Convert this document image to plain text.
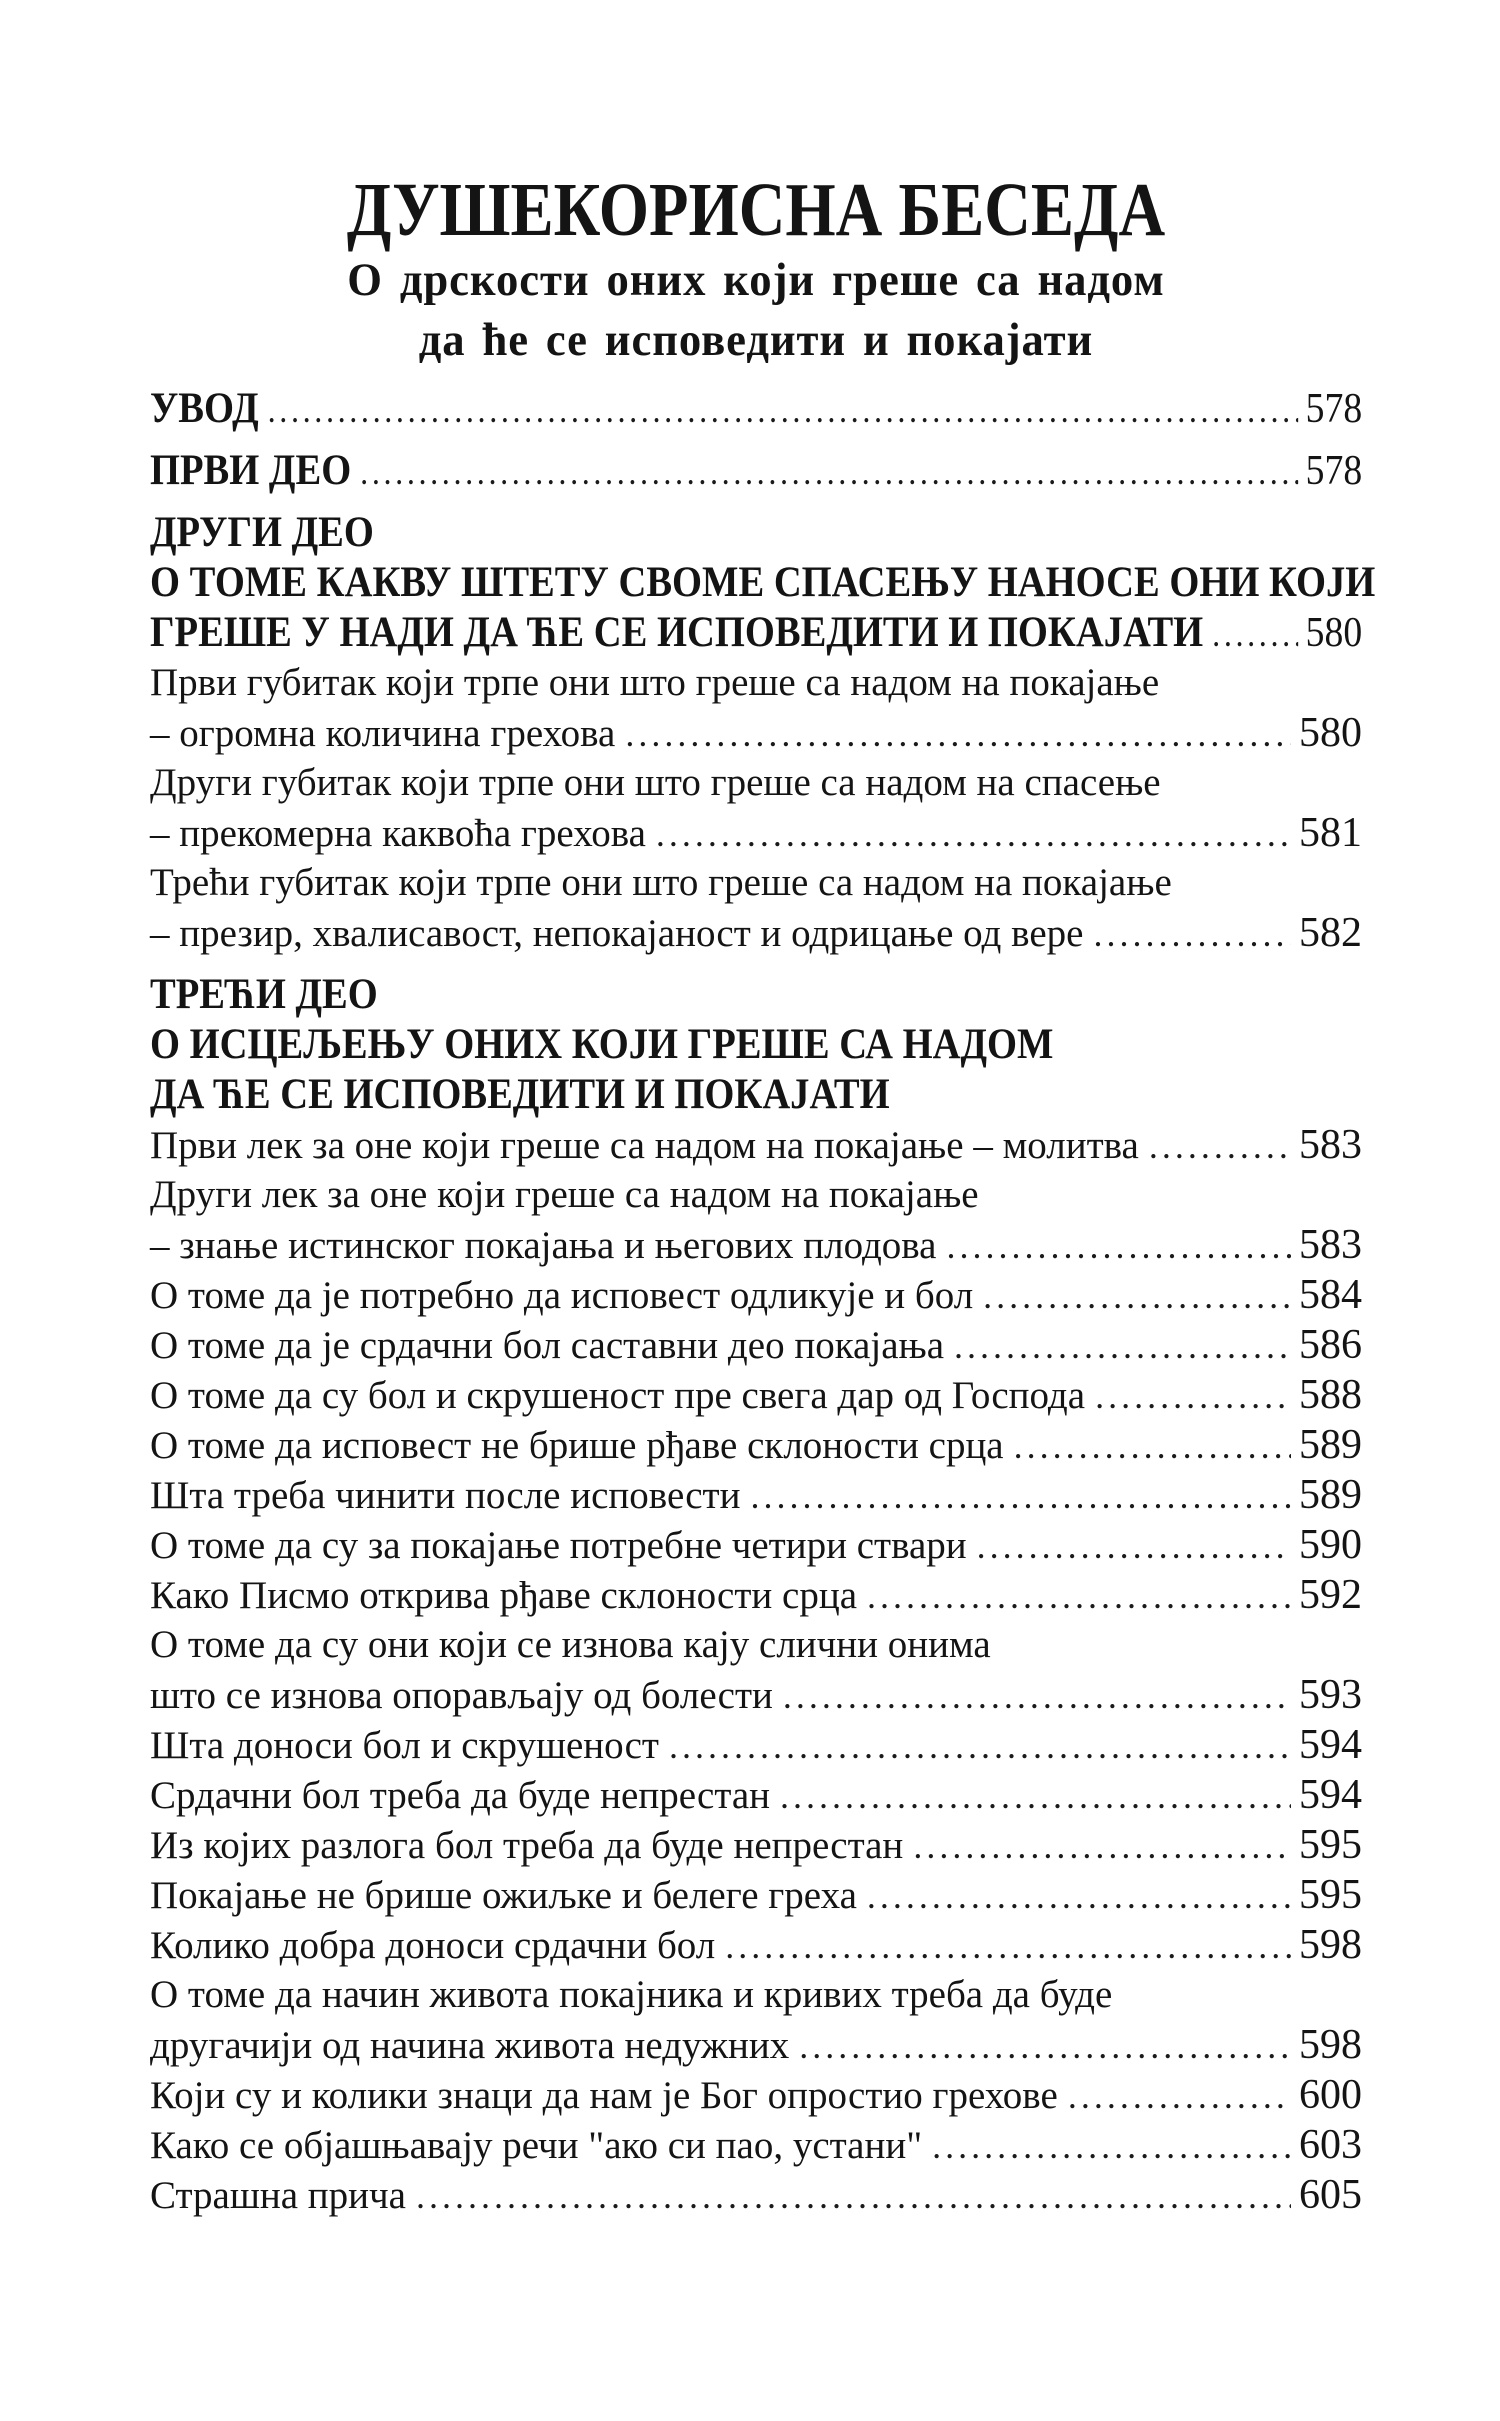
ДУШЕКОРИСНА БЕСЕДА
О дрскости оних који греше са надом
да ће се исповедити и покајати
УВОД .....	578
ПРВИ ДЕО .....	578
ДРУГИ ДЕО
О ТОМЕ КАКВУ ШТЕТУ СВОМЕ СПАСЕЊУ НАНОСЕ ОНИ КОЈИ
ГРЕШЕ У НАДИ ДА ЋЕ СЕ ИСПОВЕДИТИ И ПОКАЈАТИ ..... 580
Први губитак који трпе они што греше са надом на покајање
– огромна количина грехова .....	580
Други губитак који трпе они што греше са надом на спасење
– прекомерна каквоћа грехова .....	581
Трећи губитак који трпе они што греше са надом на покајање
– презир, хвалисавост, непокајаност и одрицање од вере .....	582
ТРЕЋИ ДЕО
О ИСЦЕЉЕЊУ ОНИХ КОЈИ ГРЕШЕ СА НАДОМ
ДА ЋЕ СЕ ИСПОВЕДИТИ И ПОКАЈАТИ
Први лек за оне који греше са надом на покајање – молитва .....	583
Други лек за оне који греше са надом на покајање
– знање истинског покајања и његових плодова .....	583
О томе да је потребно да исповест одликује и бол .....	584
О томе да је срдачни бол саставни део покајања .....	586
О томе да су бол и скрушеност пре свега дар од Господа .....	588
О томе да исповест не брише рђаве склоности срца .....	589
Шта треба чинити после исповести .....	589
О томе да су за покајање потребне четири ствари .....	590
Како Писмо открива рђаве склоности срца .....	592
О томе да су они који се изнова кају слични онима
што се изнова опорављају од болести .....	593
Шта доноси бол и скрушеност .....	594
Срдачни бол треба да буде непрестан .....	594
Из којих разлога бол треба да буде непрестан .....	595
Покајање не брише ожиљке и белеге греха .....	595
Колико добра доноси срдачни бол .....	598
О томе да начин живота покајника и кривих треба да буде
другачији од начина живота недужних .....	598
Који су и колики знаци да нам је Бог опростио грехове .....	600
Како се објашњавају речи "ако си пао, устани" .....	603
Страшна прича .....	605
